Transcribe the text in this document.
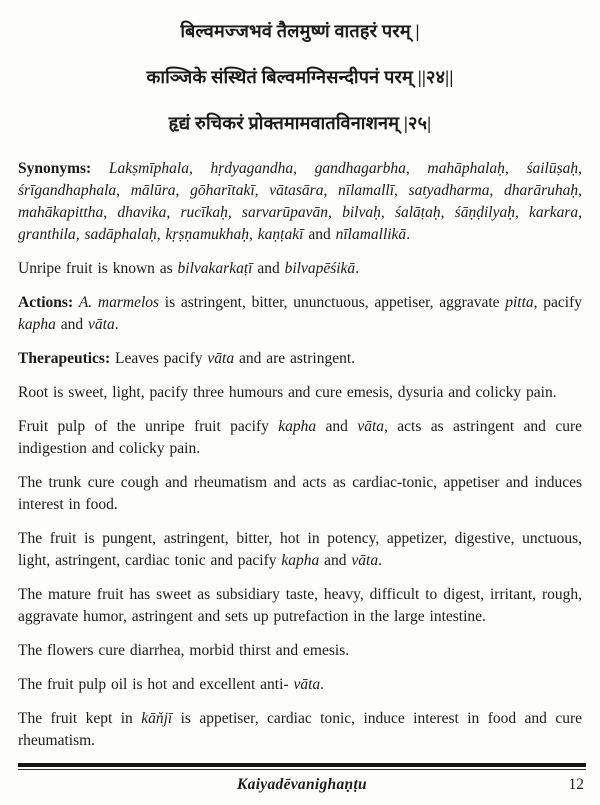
बिल्वमज्जभवं तैलमुष्णं वातहरं परम् |
काञ्जिके संस्थितं बिल्वमग्निसन्दीपनं परम् ||२४||
हृद्यं रुचिकरं प्रोक्तमामवातविनाशनम् |२५|

Synonyms: Lakṣmīphala, hṛdyagandha, gandhagarbha, mahāphalaḥ, śailūṣaḥ, śrīgandhaphala, mālūra, gōharītakī, vātasāra, nīlamallī, satyadharma, dharāruhaḥ, mahākapittha, dhavika, rucīkaḥ, sarvarūpavān, bilvaḥ, śalāṭaḥ, śāṇḍilyaḥ, karkara, granthila, sadāphalaḥ, kṛṣṇamukhaḥ, kaṇṭakī and nīlamallikā.

Unripe fruit is known as bilvakarkaṭī and bilvapēśikā.

Actions: A. marmelos is astringent, bitter, ununctuous, appetiser, aggravate pitta, pacify kapha and vāta.

Therapeutics: Leaves pacify vāta and are astringent.

Root is sweet, light, pacify three humours and cure emesis, dysuria and colicky pain.

Fruit pulp of the unripe fruit pacify kapha and vāta, acts as astringent and cure indigestion and colicky pain.

The trunk cure cough and rheumatism and acts as cardiac-tonic, appetiser and induces interest in food.

The fruit is pungent, astringent, bitter, hot in potency, appetizer, digestive, unctuous, light, astringent, cardiac tonic and pacify kapha and vāta.

The mature fruit has sweet as subsidiary taste, heavy, difficult to digest, irritant, rough, aggravate humor, astringent and sets up putrefaction in the large intestine.

The flowers cure diarrhea, morbid thirst and emesis.

The fruit pulp oil is hot and excellent anti- vāta.

The fruit kept in kāňjī is appetiser, cardiac tonic, induce interest in food and cure rheumatism.

Kaiyadēvanighaṇṭu	12
